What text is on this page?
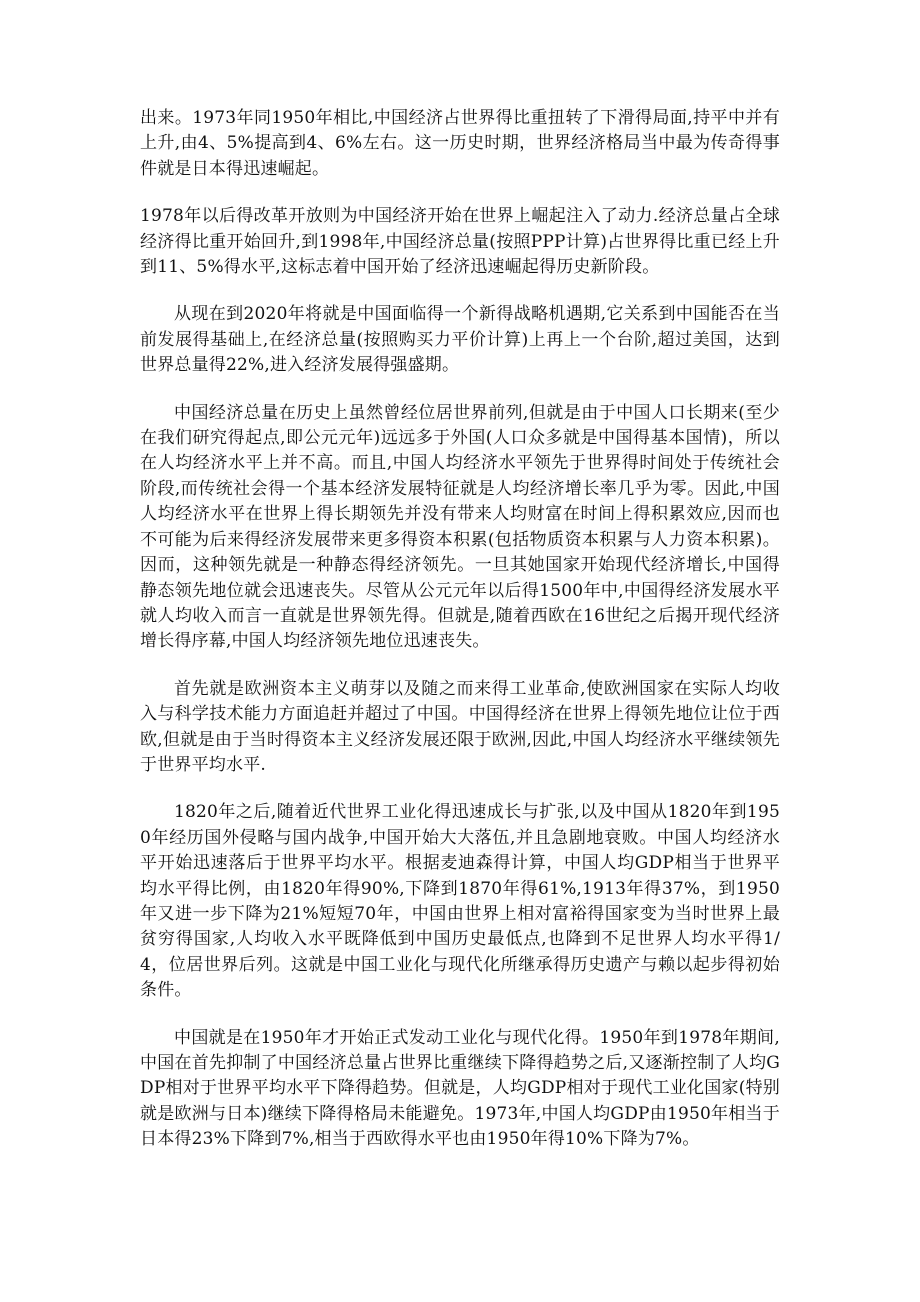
出来。1973年同1950年相比,中国经济占世界得比重扭转了下滑得局面,持平中并有上升,由4、5%提高到4、6%左右。这一历史时期，世界经济格局当中最为传奇得事件就是日本得迅速崛起。

1978年以后得改革开放则为中国经济开始在世界上崛起注入了动力.经济总量占全球经济得比重开始回升,到1998年,中国经济总量(按照PPP计算)占世界得比重已经上升到11、5%得水平,这标志着中国开始了经济迅速崛起得历史新阶段。

从现在到2020年将就是中国面临得一个新得战略机遇期,它关系到中国能否在当前发展得基础上,在经济总量(按照购买力平价计算)上再上一个台阶,超过美国，达到世界总量得22%,进入经济发展得强盛期。

中国经济总量在历史上虽然曾经位居世界前列,但就是由于中国人口长期来(至少在我们研究得起点,即公元元年)远远多于外国(人口众多就是中国得基本国情)，所以在人均经济水平上并不高。而且,中国人均经济水平领先于世界得时间处于传统社会阶段,而传统社会得一个基本经济发展特征就是人均经济增长率几乎为零。因此,中国人均经济水平在世界上得长期领先并没有带来人均财富在时间上得积累效应,因而也不可能为后来得经济发展带来更多得资本积累(包括物质资本积累与人力资本积累)。因而，这种领先就是一种静态得经济领先。一旦其她国家开始现代经济增长,中国得静态领先地位就会迅速丧失。尽管从公元元年以后得1500年中,中国得经济发展水平就人均收入而言一直就是世界领先得。但就是,随着西欧在16世纪之后揭开现代经济增长得序幕,中国人均经济领先地位迅速丧失。

首先就是欧洲资本主义萌芽以及随之而来得工业革命,使欧洲国家在实际人均收入与科学技术能力方面追赶并超过了中国。中国得经济在世界上得领先地位让位于西欧,但就是由于当时得资本主义经济发展还限于欧洲,因此,中国人均经济水平继续领先于世界平均水平.

1820年之后,随着近代世界工业化得迅速成长与扩张,以及中国从1820年到1950年经历国外侵略与国内战争,中国开始大大落伍,并且急剧地衰败。中国人均经济水平开始迅速落后于世界平均水平。根据麦迪森得计算，中国人均GDP相当于世界平均水平得比例，由1820年得90%,下降到1870年得61%,1913年得37%，到1950年又进一步下降为21%短短70年，中国由世界上相对富裕得国家变为当时世界上最贫穷得国家,人均收入水平既降低到中国历史最低点,也降到不足世界人均水平得1/4，位居世界后列。这就是中国工业化与现代化所继承得历史遗产与赖以起步得初始条件。

中国就是在1950年才开始正式发动工业化与现代化得。1950年到1978年期间,中国在首先抑制了中国经济总量占世界比重继续下降得趋势之后,又逐渐控制了人均GDP相对于世界平均水平下降得趋势。但就是，人均GDP相对于现代工业化国家(特别就是欧洲与日本)继续下降得格局未能避免。1973年,中国人均GDP由1950年相当于日本得23%下降到7%,相当于西欧得水平也由1950年得10%下降为7%。
